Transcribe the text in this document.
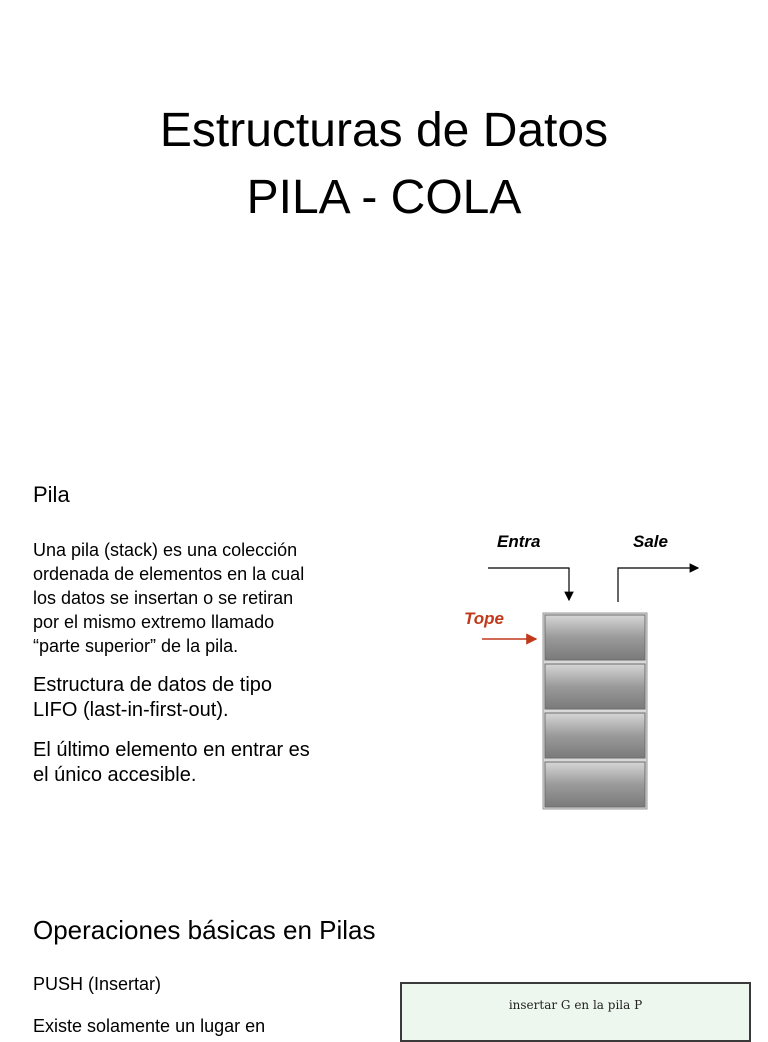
Estructuras de Datos
PILA - COLA
Pila
Una pila (stack) es una colección
ordenada de elementos en la cual
los datos se insertan o se retiran
por el mismo extremo llamado
“parte superior” de la pila.
Estructura de datos de tipo
LIFO (last-in-first-out).
El último elemento en entrar es
el único accesible.
Entra	Sale
Tope
Operaciones básicas en Pilas
PUSH (Insertar)
Existe solamente un lugar en
insertar G en la pila P
